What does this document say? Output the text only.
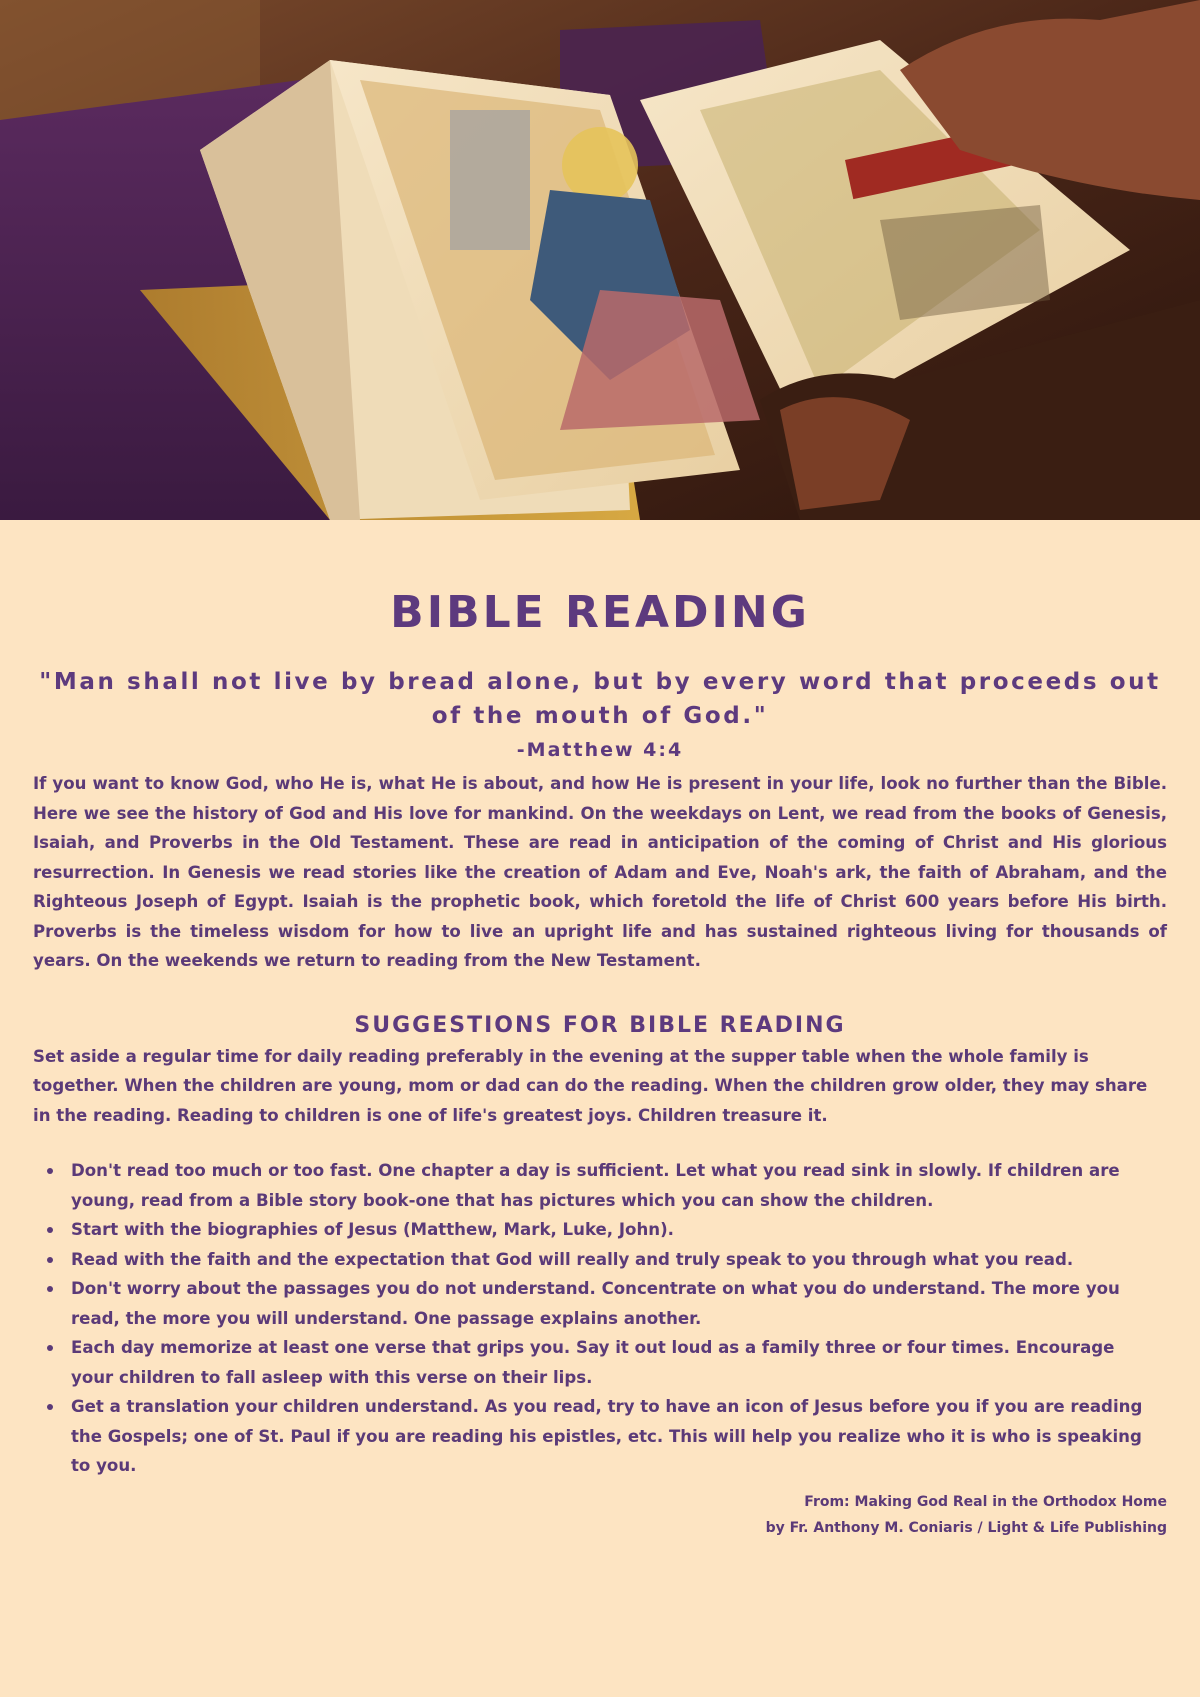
BIBLE READING

"Man shall not live by bread alone, but by every word that proceeds out of the mouth of God."

-Matthew 4:4

If you want to know God, who He is, what He is about, and how He is present in your life, look no further than the Bible. Here we see the history of God and His love for mankind. On the weekdays on Lent, we read from the books of Genesis, Isaiah, and Proverbs in the Old Testament. These are read in anticipation of the coming of Christ and His glorious resurrection. In Genesis we read stories like the creation of Adam and Eve, Noah's ark, the faith of Abraham, and the Righteous Joseph of Egypt. Isaiah is the prophetic book, which foretold the life of Christ 600 years before His birth. Proverbs is the timeless wisdom for how to live an upright life and has sustained righteous living for thousands of years. On the weekends we return to reading from the New Testament.

SUGGESTIONS FOR BIBLE READING

Set aside a regular time for daily reading preferably in the evening at the supper table when the whole family is together. When the children are young, mom or dad can do the reading. When the children grow older, they may share in the reading. Reading to children is one of life's greatest joys. Children treasure it.

Don't read too much or too fast. One chapter a day is sufficient. Let what you read sink in slowly. If children are young, read from a Bible story book-one that has pictures which you can show the children.
Start with the biographies of Jesus (Matthew, Mark, Luke, John).
Read with the faith and the expectation that God will really and truly speak to you through what you read.
Don't worry about the passages you do not understand. Concentrate on what you do understand. The more you read, the more you will understand. One passage explains another.
Each day memorize at least one verse that grips you. Say it out loud as a family three or four times. Encourage your children to fall asleep with this verse on their lips.
Get a translation your children understand. As you read, try to have an icon of Jesus before you if you are reading the Gospels; one of St. Paul if you are reading his epistles, etc. This will help you realize who it is who is speaking to you.
From: Making God Real in the Orthodox Home
by Fr. Anthony M. Coniaris / Light & Life Publishing
